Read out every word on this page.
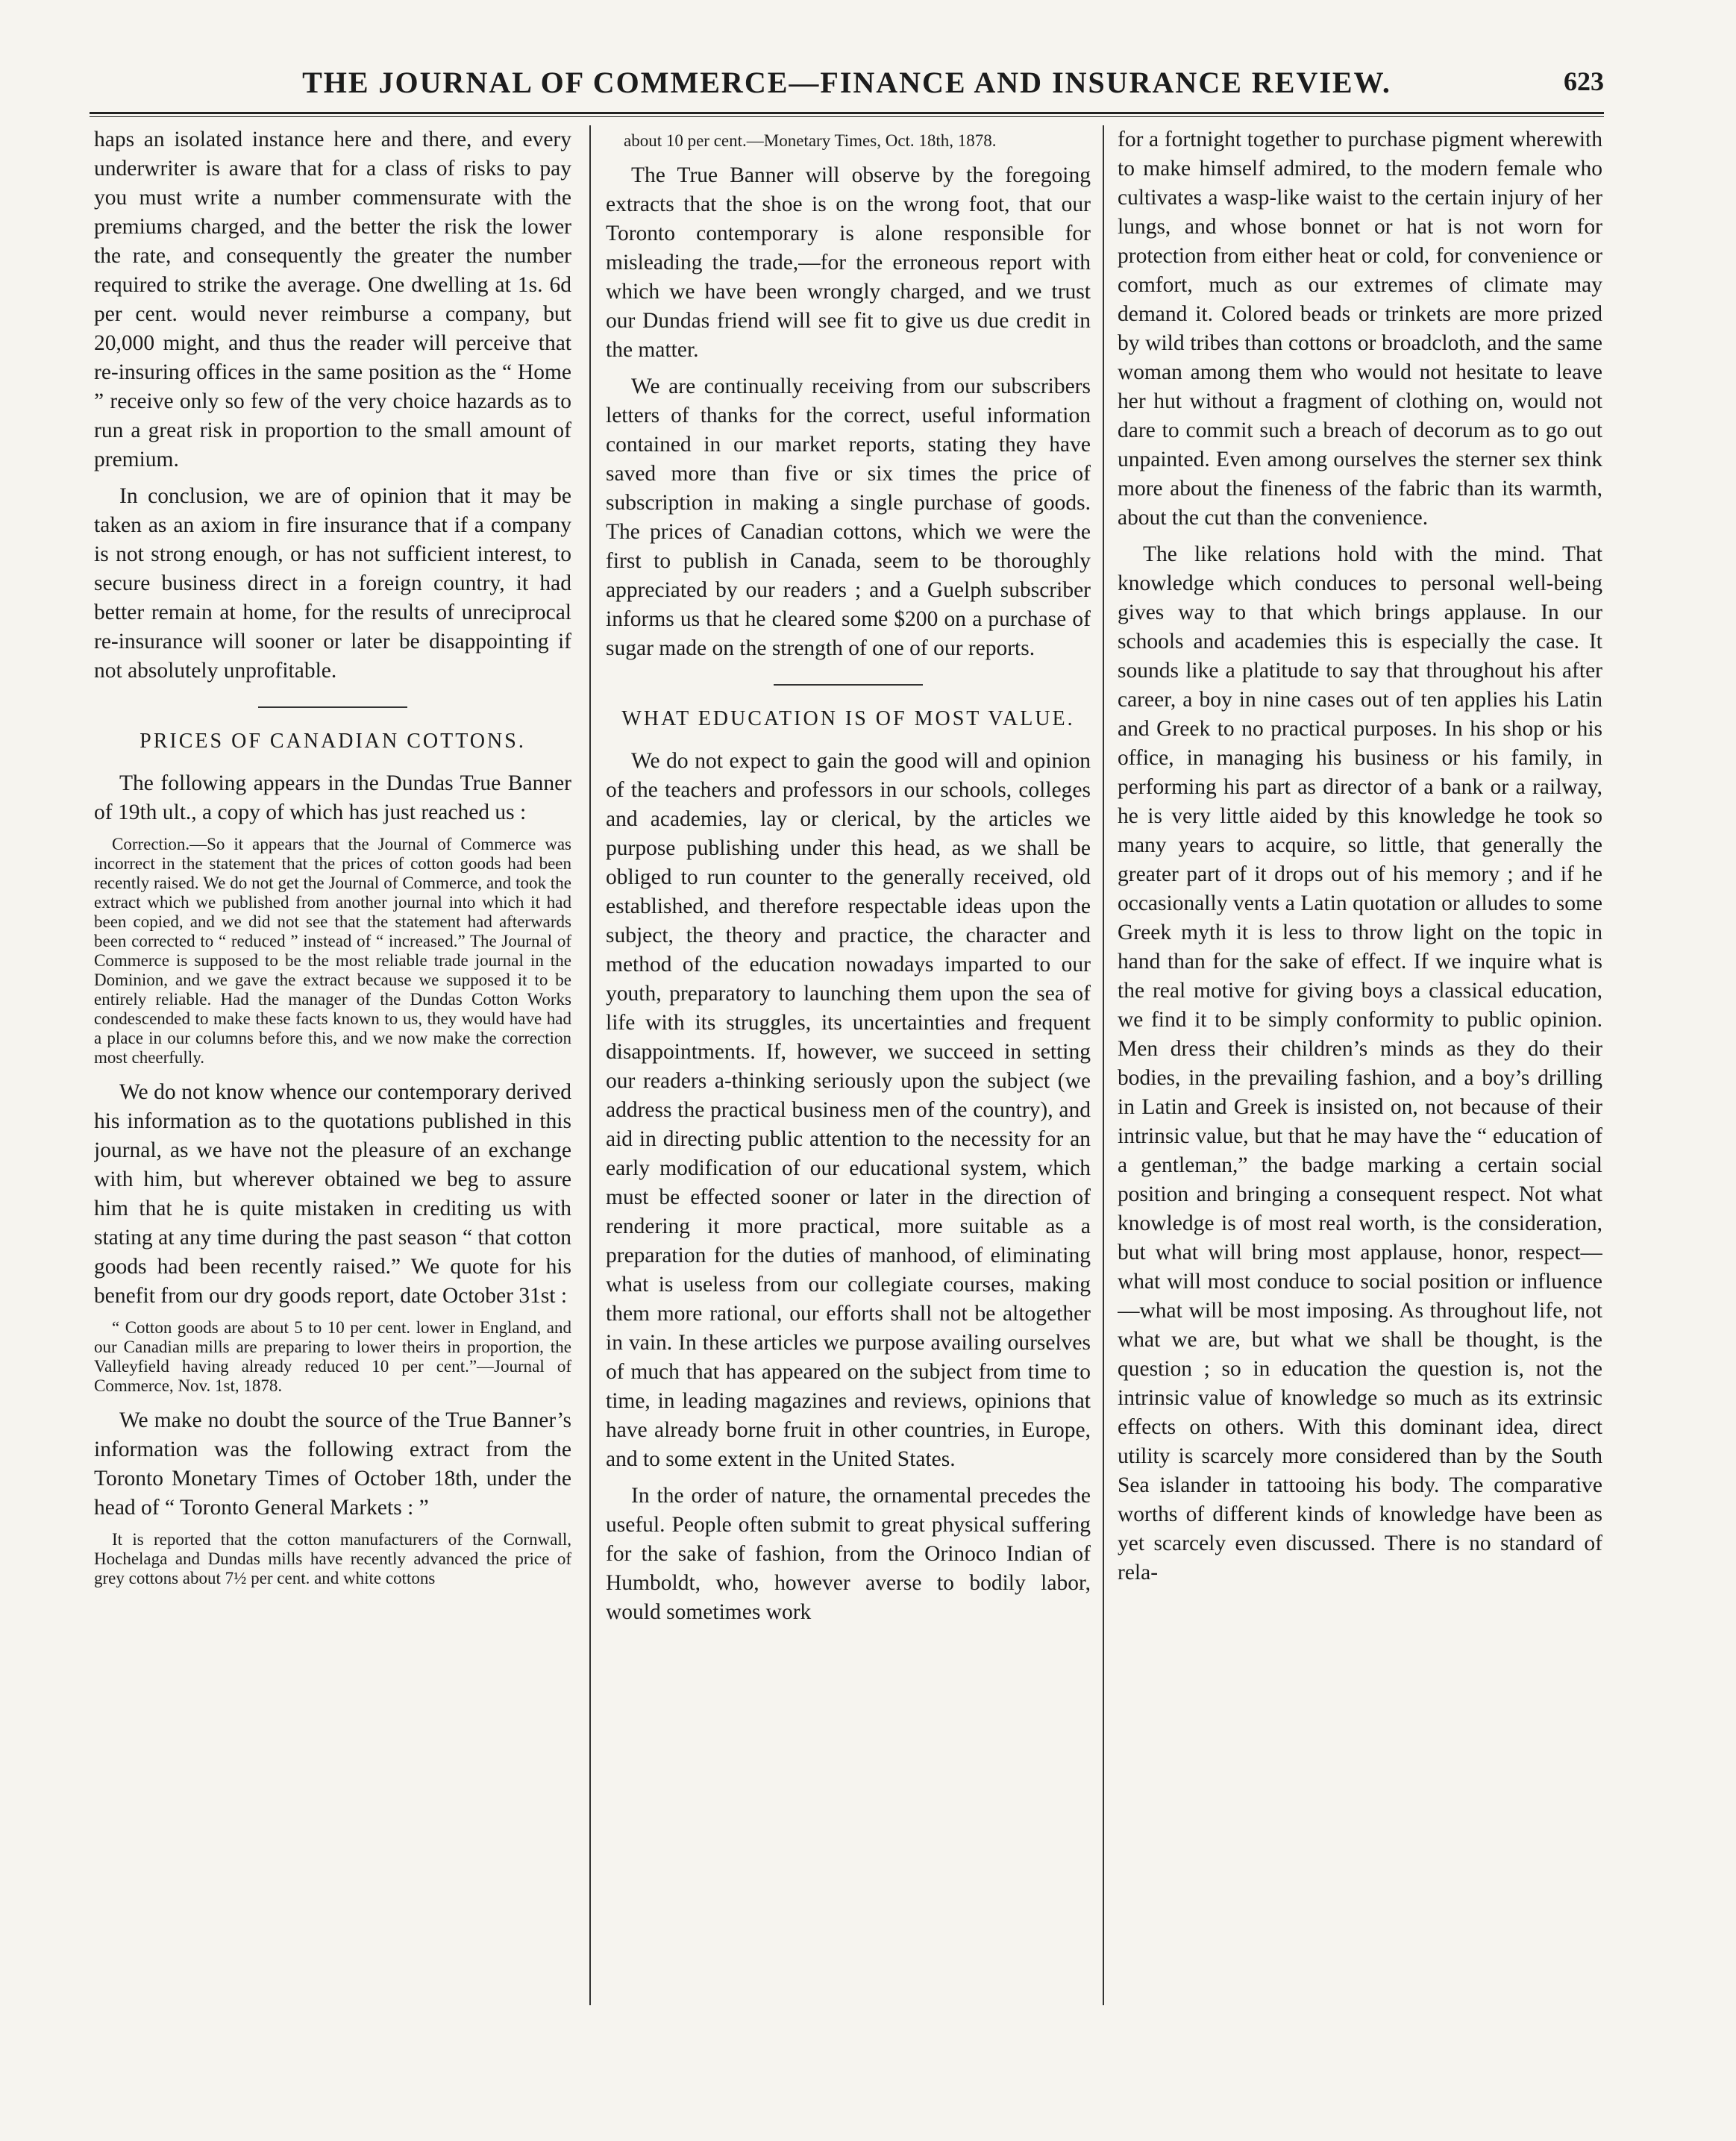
THE JOURNAL OF COMMERCE—FINANCE AND INSURANCE REVIEW.	623

haps an isolated instance here and there, and every underwriter is aware that for a class of risks to pay you must write a number commensurate with the premiums charged, and the better the risk the lower the rate, and consequently the greater the number required to strike the average. One dwelling at 1s. 6d per cent. would never reimburse a company, but 20,000 might, and thus the reader will perceive that re-insuring offices in the same position as the “ Home ” receive only so few of the very choice hazards as to run a great risk in proportion to the small amount of premium.

In conclusion, we are of opinion that it may be taken as an axiom in fire insurance that if a company is not strong enough, or has not sufficient interest, to secure business direct in a foreign country, it had better remain at home, for the results of unreciprocal re-insurance will sooner or later be disappointing if not absolutely unprofitable.

PRICES OF CANADIAN COTTONS.

The following appears in the Dundas True Banner of 19th ult., a copy of which has just reached us :

Correction.—So it appears that the Journal of Commerce was incorrect in the statement that the prices of cotton goods had been recently raised. We do not get the Journal of Commerce, and took the extract which we published from another journal into which it had been copied, and we did not see that the statement had afterwards been corrected to “ reduced ” instead of “ increased.” The Journal of Commerce is supposed to be the most reliable trade journal in the Dominion, and we gave the extract because we supposed it to be entirely reliable. Had the manager of the Dundas Cotton Works condescended to make these facts known to us, they would have had a place in our columns before this, and we now make the correction most cheerfully.

We do not know whence our contemporary derived his information as to the quotations published in this journal, as we have not the pleasure of an exchange with him, but wherever obtained we beg to assure him that he is quite mistaken in crediting us with stating at any time during the past season “ that cotton goods had been recently raised.” We quote for his benefit from our dry goods report, date October 31st :

“ Cotton goods are about 5 to 10 per cent. lower in England, and our Canadian mills are preparing to lower theirs in proportion, the Valleyfield having already reduced 10 per cent.”—Journal of Commerce, Nov. 1st, 1878.

We make no doubt the source of the True Banner’s information was the following extract from the Toronto Monetary Times of October 18th, under the head of “ Toronto General Markets : ”

It is reported that the cotton manufacturers of the Cornwall, Hochelaga and Dundas mills have recently advanced the price of grey cottons about 7½ per cent. and white cottons

about 10 per cent.—Monetary Times, Oct. 18th, 1878.

The True Banner will observe by the foregoing extracts that the shoe is on the wrong foot, that our Toronto contemporary is alone responsible for misleading the trade,—for the erroneous report with which we have been wrongly charged, and we trust our Dundas friend will see fit to give us due credit in the matter.

We are continually receiving from our subscribers letters of thanks for the correct, useful information contained in our market reports, stating they have saved more than five or six times the price of subscription in making a single purchase of goods. The prices of Canadian cottons, which we were the first to publish in Canada, seem to be thoroughly appreciated by our readers ; and a Guelph subscriber informs us that he cleared some $200 on a purchase of sugar made on the strength of one of our reports.

WHAT EDUCATION IS OF MOST VALUE.

We do not expect to gain the good will and opinion of the teachers and professors in our schools, colleges and academies, lay or clerical, by the articles we purpose publishing under this head, as we shall be obliged to run counter to the generally received, old established, and therefore respectable ideas upon the subject, the theory and practice, the character and method of the education nowadays imparted to our youth, preparatory to launching them upon the sea of life with its struggles, its uncertainties and frequent disappointments. If, however, we succeed in setting our readers a-thinking seriously upon the subject (we address the practical business men of the country), and aid in directing public attention to the necessity for an early modification of our educational system, which must be effected sooner or later in the direction of rendering it more practical, more suitable as a preparation for the duties of manhood, of eliminating what is useless from our collegiate courses, making them more rational, our efforts shall not be altogether in vain. In these articles we purpose availing ourselves of much that has appeared on the subject from time to time, in leading magazines and reviews, opinions that have already borne fruit in other countries, in Europe, and to some extent in the United States.

In the order of nature, the ornamental precedes the useful. People often submit to great physical suffering for the sake of fashion, from the Orinoco Indian of Humboldt, who, however averse to bodily labor, would sometimes work

for a fortnight together to purchase pigment wherewith to make himself admired, to the modern female who cultivates a wasp-like waist to the certain injury of her lungs, and whose bonnet or hat is not worn for protection from either heat or cold, for convenience or comfort, much as our extremes of climate may demand it. Colored beads or trinkets are more prized by wild tribes than cottons or broadcloth, and the same woman among them who would not hesitate to leave her hut without a fragment of clothing on, would not dare to commit such a breach of decorum as to go out unpainted. Even among ourselves the sterner sex think more about the fineness of the fabric than its warmth, about the cut than the convenience.

The like relations hold with the mind. That knowledge which conduces to personal well-being gives way to that which brings applause. In our schools and academies this is especially the case. It sounds like a platitude to say that throughout his after career, a boy in nine cases out of ten applies his Latin and Greek to no practical purposes. In his shop or his office, in managing his business or his family, in performing his part as director of a bank or a railway, he is very little aided by this knowledge he took so many years to acquire, so little, that generally the greater part of it drops out of his memory ; and if he occasionally vents a Latin quotation or alludes to some Greek myth it is less to throw light on the topic in hand than for the sake of effect. If we inquire what is the real motive for giving boys a classical education, we find it to be simply conformity to public opinion. Men dress their children’s minds as they do their bodies, in the prevailing fashion, and a boy’s drilling in Latin and Greek is insisted on, not because of their intrinsic value, but that he may have the “ education of a gentleman,” the badge marking a certain social position and bringing a consequent respect. Not what knowledge is of most real worth, is the consideration, but what will bring most applause, honor, respect—what will most conduce to social position or influence—what will be most imposing. As throughout life, not what we are, but what we shall be thought, is the question ; so in education the question is, not the intrinsic value of knowledge so much as its extrinsic effects on others. With this dominant idea, direct utility is scarcely more considered than by the South Sea islander in tattooing his body. The comparative worths of different kinds of knowledge have been as yet scarcely even discussed. There is no standard of rela-
